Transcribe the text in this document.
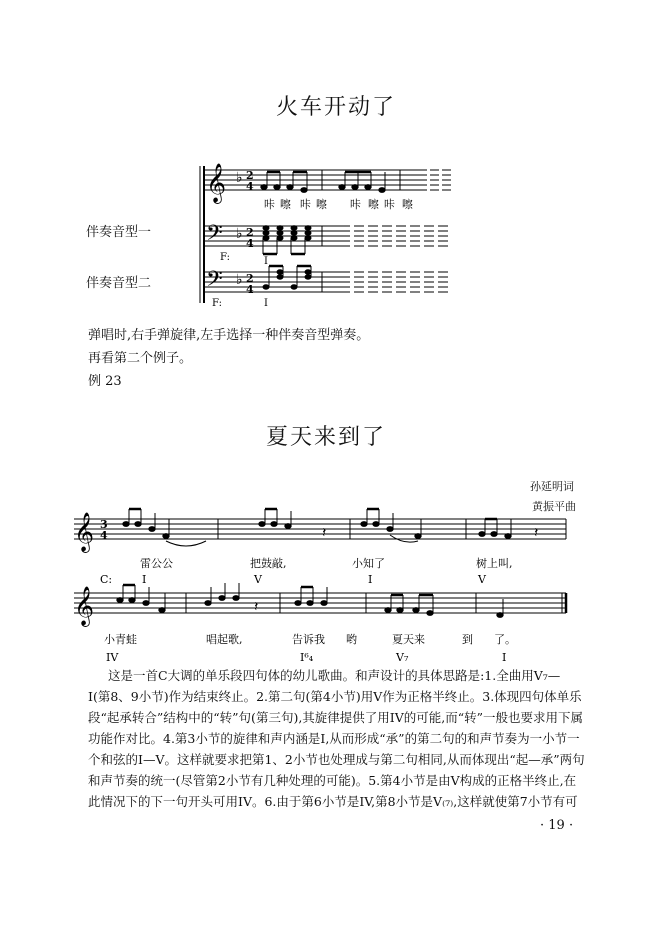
火车开动了
𝄞 ♭ 2
4
咔 嚓 咔 嚓 咔 嚓 咔 嚓
𝄢 ♭ 2
4
F:	I
𝄢 ♭ 2
4
F:	I
伴奏音型一
伴奏音型二
弹唱时,右手弹旋律,左手选择一种伴奏音型弹奏。
再看第二个例子。
例 23
夏天来到了
孙延明词
黄振平曲
𝄞 3
4	𝄽	𝄽
雷公公	把鼓敲,	小知了	树上叫,
C:	I	V	I	V
𝄞	𝄽
小青蛙	唱起歌,	告诉我 哟	夏天来	到 了。
IV	I⁶₄	V₇	I
这是一首C大调的单乐段四句体的幼儿歌曲。和声设计的具体思路是:1.全曲用V₇—
I(第8、9小节)作为结束终止。2.第二句(第4小节)用V作为正格半终止。3.体现四句体单乐
段“起承转合”结构中的“转”句(第三句),其旋律提供了用IV的可能,而“转”一般也要求用下属
功能作对比。4.第3小节的旋律和声内涵是I,从而形成“承”的第二句的和声节奏为一小节一
个和弦的I—V。这样就要求把第1、2小节也处理成与第二句相同,从而体现出“起—承”两句
和声节奏的统一(尽管第2小节有几种处理的可能)。5.第4小节是由V构成的正格半终止,在
此情况下的下一句开头可用IV。6.由于第6小节是IV,第8小节是V₍₇₎,这样就使第7小节有可
· 19 ·
